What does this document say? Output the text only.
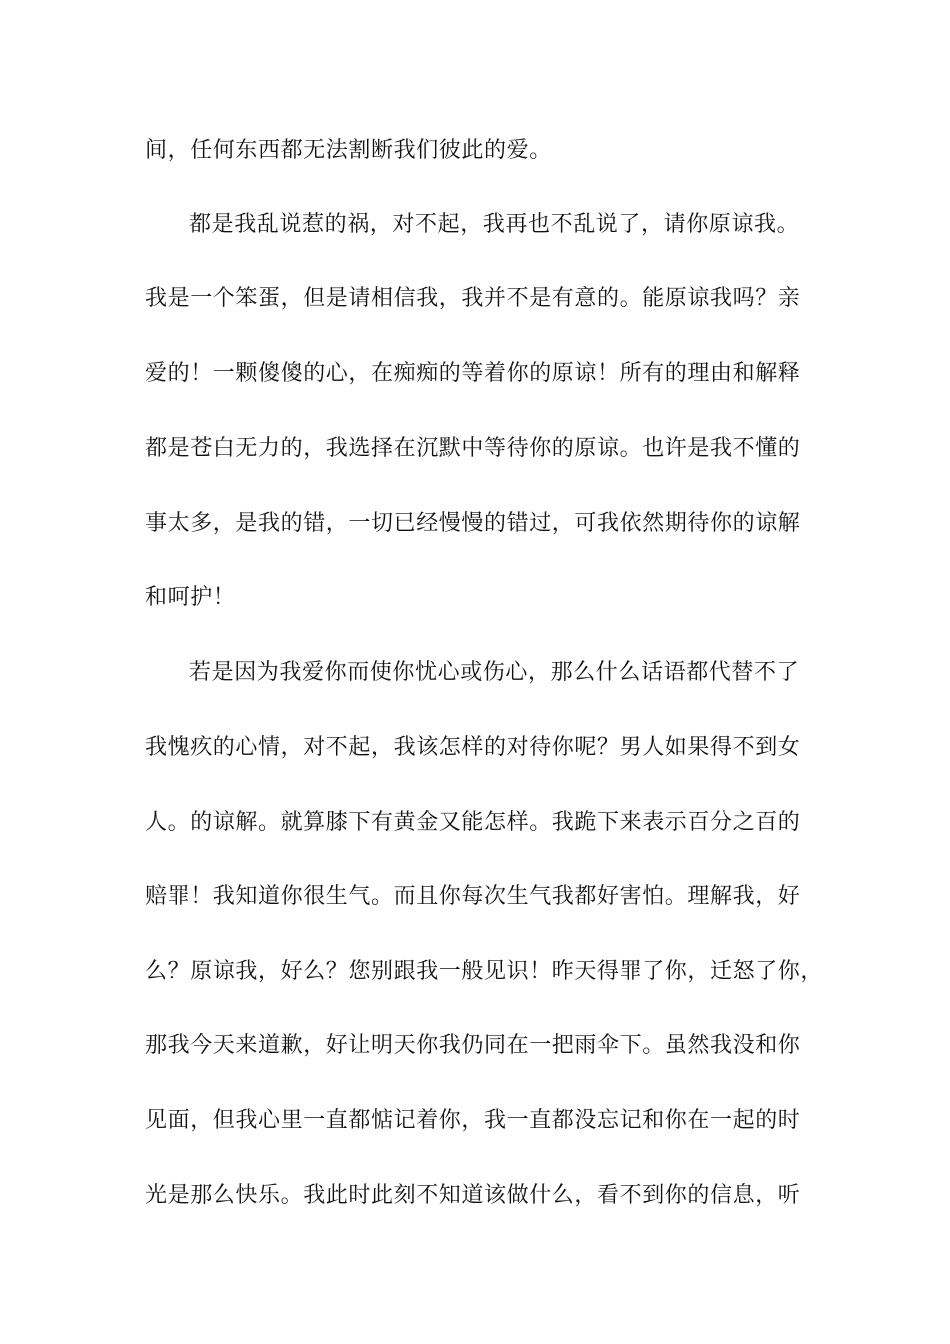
间，任何东西都无法割断我们彼此的爱。
都是我乱说惹的祸，对不起，我再也不乱说了，请你原谅我。
我是一个笨蛋，但是请相信我，我并不是有意的。能原谅我吗？亲
爱的！一颗傻傻的心，在痴痴的等着你的原谅！所有的理由和解释
都是苍白无力的，我选择在沉默中等待你的原谅。也许是我不懂的
事太多，是我的错，一切已经慢慢的错过，可我依然期待你的谅解
和呵护！
若是因为我爱你而使你忧心或伤心，那么什么话语都代替不了
我愧疚的心情，对不起，我该怎样的对待你呢？男人如果得不到女
人。的谅解。就算膝下有黄金又能怎样。我跪下来表示百分之百的
赔罪！我知道你很生气。而且你每次生气我都好害怕。理解我，好
么？原谅我，好么？您别跟我一般见识！昨天得罪了你，迁怒了你，
那我今天来道歉，好让明天你我仍同在一把雨伞下。虽然我没和你
见面，但我心里一直都惦记着你，我一直都没忘记和你在一起的时
光是那么快乐。我此时此刻不知道该做什么，看不到你的信息，听
